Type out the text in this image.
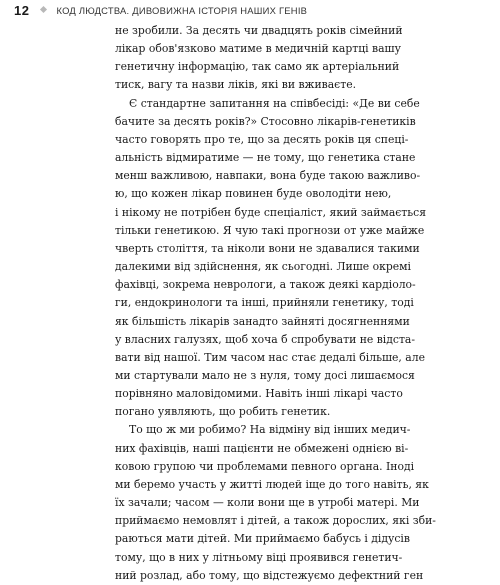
12	КОД ЛЮДСТВА. ДИВОВИЖНА ІСТОРІЯ НАШИХ ГЕНІВ

не зробили. За десять чи двадцять років сімейний
лікар обов'язково матиме в медичній картці вашу
генетичну інформацію, так само як артеріальний
тиск, вагу та назви ліків, які ви вживаєте.

Є стандартне запитання на співбесіді: «Де ви себе
бачите за десять років?» Стосовно лікарів-генетиків
часто говорять про те, що за десять років ця спеці-
альність відмиратиме — не тому, що генетика стане
менш важливою, навпаки, вона буде такою важливо-
ю, що кожен лікар повинен буде оволодіти нею,
і нікому не потрібен буде спеціаліст, який займається
тільки генетикою. Я чую такі прогнози от уже майже
чверть століття, та ніколи вони не здавалися такими
далекими від здійснення, як сьогодні. Лише окремі
фахівці, зокрема неврологи, а також деякі кардіоло-
ги, ендокринологи та інші, прийняли генетику, тоді
як більшість лікарів занадто зайняті досягненнями
у власних галузях, щоб хоча б спробувати не відста-
вати від нашої. Тим часом нас стає дедалі більше, але
ми стартували мало не з нуля, тому досі лишаємося
порівняно маловідомими. Навіть інші лікарі часто
погано уявляють, що робить генетик.

То що ж ми робимо? На відміну від інших медич-
них фахівців, наші пацієнти не обмежені однією ві-
ковою групою чи проблемами певного органа. Іноді
ми беремо участь у житті людей іще до того навіть, як
їх зачали; часом — коли вони ще в утробі матері. Ми
приймаємо немовлят і дітей, а також дорослих, які зби-
раються мати дітей. Ми приймаємо бабусь і дідусів
тому, що в них у літньому віці проявився генетич-
ний розлад, або тому, що відстежуємо дефектний ген
